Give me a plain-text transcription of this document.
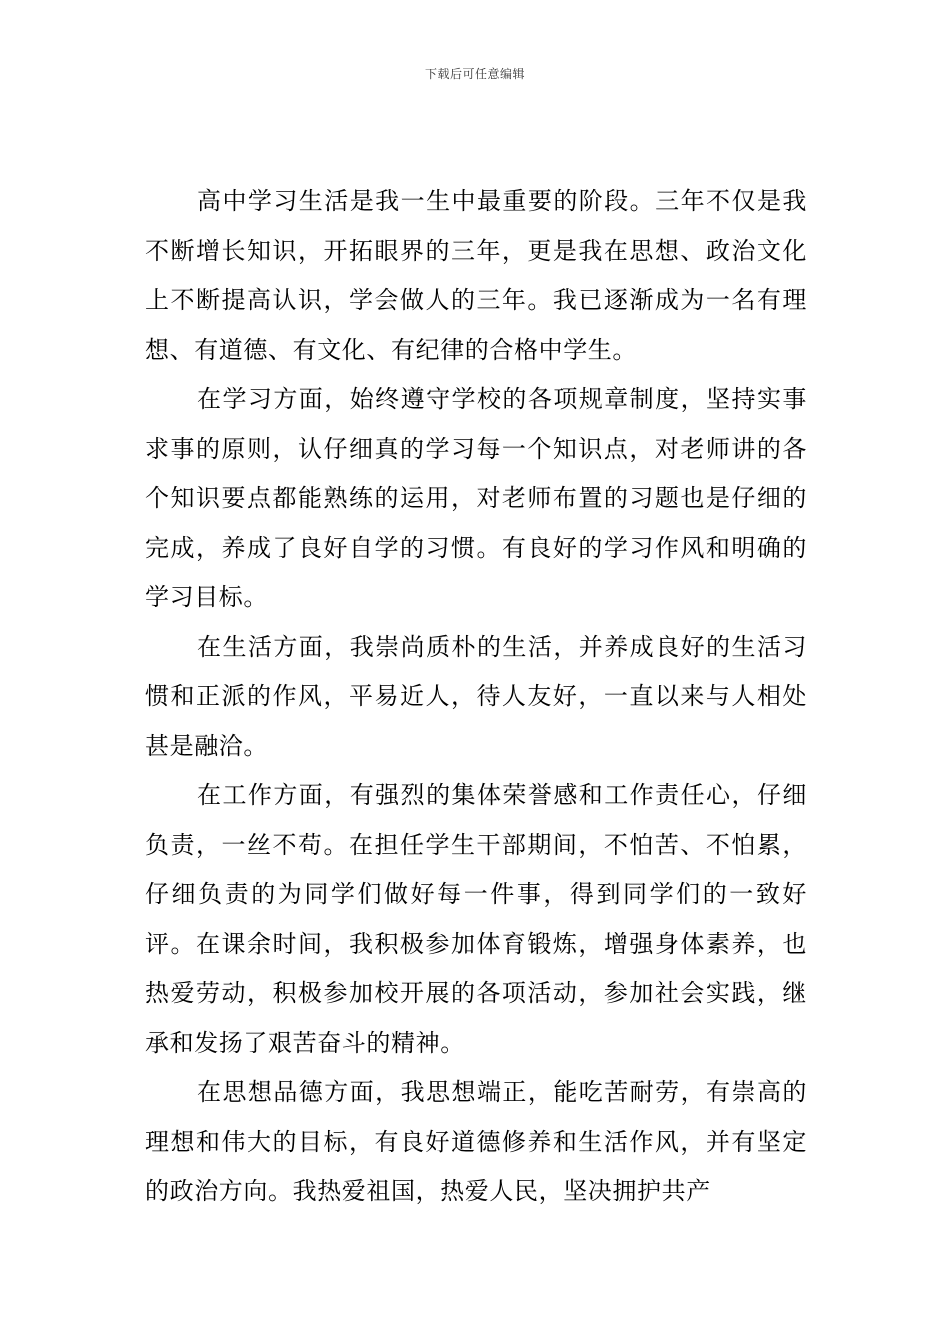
下载后可任意编辑

高中学习生活是我一生中最重要的阶段。三年不仅是我不断增长知识，开拓眼界的三年，更是我在思想、政治文化上不断提高认识，学会做人的三年。我已逐渐成为一名有理想、有道德、有文化、有纪律的合格中学生。

在学习方面，始终遵守学校的各项规章制度，坚持实事求事的原则，认仔细真的学习每一个知识点，对老师讲的各个知识要点都能熟练的运用，对老师布置的习题也是仔细的完成，养成了良好自学的习惯。有良好的学习作风和明确的学习目标。

在生活方面，我崇尚质朴的生活，并养成良好的生活习惯和正派的作风，平易近人，待人友好，一直以来与人相处甚是融洽。

在工作方面，有强烈的集体荣誉感和工作责任心，仔细负责，一丝不苟。在担任学生干部期间，不怕苦、不怕累，仔细负责的为同学们做好每一件事，得到同学们的一致好评。在课余时间，我积极参加体育锻炼，增强身体素养，也热爱劳动，积极参加校开展的各项活动，参加社会实践，继承和发扬了艰苦奋斗的精神。

在思想品德方面，我思想端正，能吃苦耐劳，有崇高的理想和伟大的目标，有良好道德修养和生活作风，并有坚定的政治方向。我热爱祖国，热爱人民，坚决拥护共产
